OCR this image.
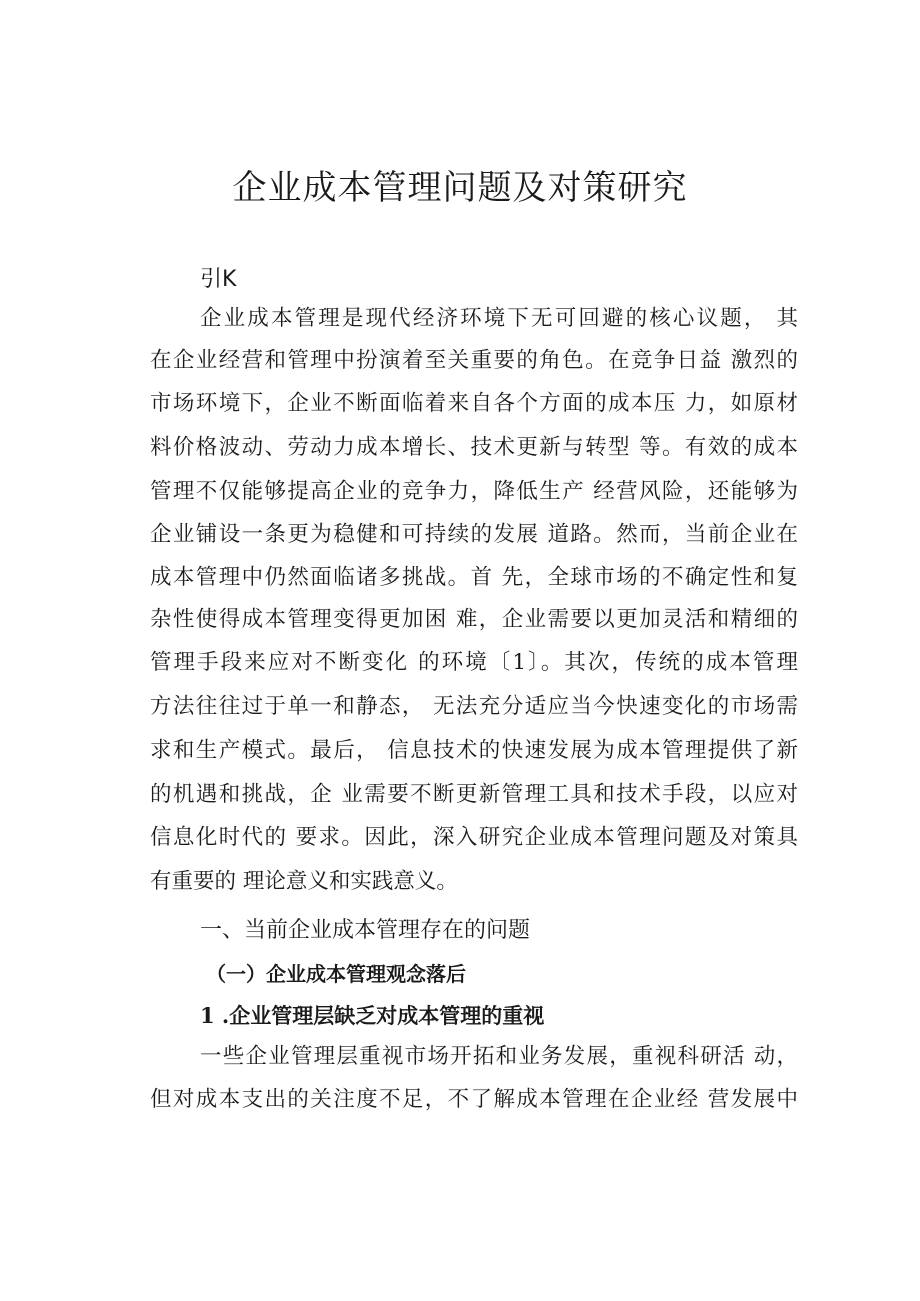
企业成本管理问题及对策研究
引K

企业成本管理是现代经济环境下无可回避的核心议题， 其

在企业经营和管理中扮演着至关重要的角色。在竞争日益 激烈的

市场环境下，企业不断面临着来自各个方面的成本压 力，如原材

料价格波动、劳动力成本增长、技术更新与转型 等。有效的成本

管理不仅能够提高企业的竞争力，降低生产 经营风险，还能够为

企业铺设一条更为稳健和可持续的发展 道路。然而，当前企业在

成本管理中仍然面临诸多挑战。首 先，全球市场的不确定性和复

杂性使得成本管理变得更加困 难，企业需要以更加灵活和精细的

管理手段来应对不断变化 的环境〔1〕。其次，传统的成本管理

方法往往过于单一和静态， 无法充分适应当今快速变化的市场需

求和生产模式。最后， 信息技术的快速发展为成本管理提供了新

的机遇和挑战，企 业需要不断更新管理工具和技术手段，以应对

信息化时代的 要求。因此，深入研究企业成本管理问题及对策具

有重要的 理论意义和实践意义。

一、当前企业成本管理存在的问题
（一）企业成本管理观念落后
1 .企业管理层缺乏对成本管理的重视

一些企业管理层重视市场开拓和业务发展，重视科研活 动，

但对成本支出的关注度不足，不了解成本管理在企业经 营发展中
